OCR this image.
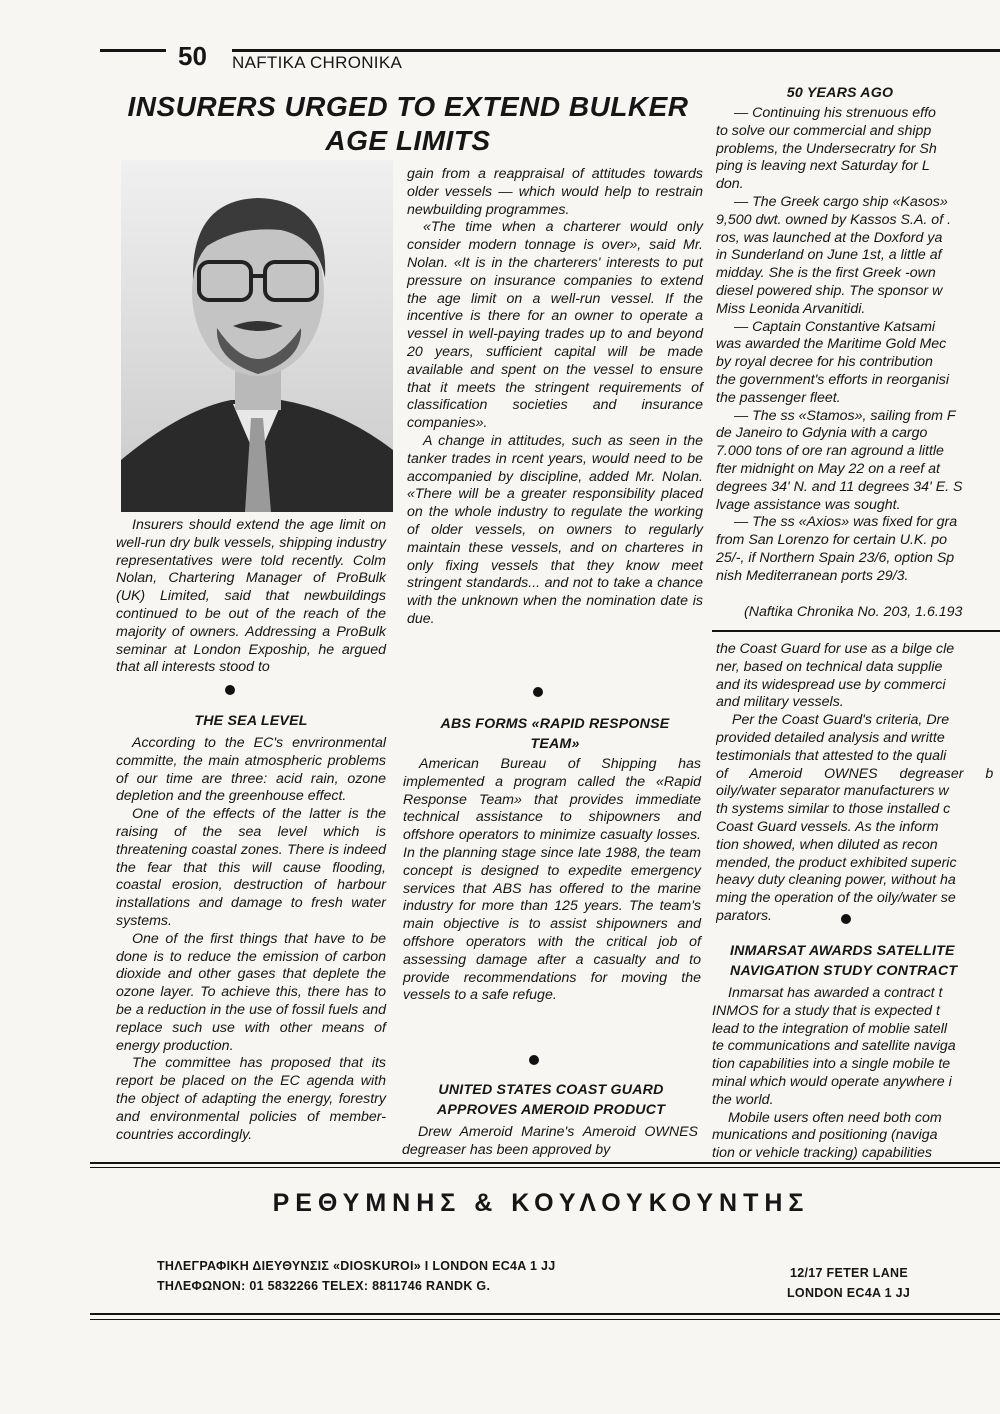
50 NAFTIKA CHRONIKA
INSURERS URGED TO EXTEND BULKER
AGE LIMITS

Insurers should extend the age limit on well-run dry bulk vessels, shipping industry representatives were told recently. Colm Nolan, Chartering Manager of ProBulk (UK) Limited, said that newbuildings continued to be out of the reach of the majority of owners. Addressing a ProBulk seminar at London Expoship, he argued that all interests stood to

THE SEA LEVEL

According to the EC's envrironmental committe, the main atmospheric problems of our time are three: acid rain, ozone depletion and the greenhouse effect.

One of the effects of the latter is the raising of the sea level which is threatening coastal zones. There is indeed the fear that this will cause flooding, coastal erosion, destruction of harbour installations and damage to fresh water systems.

One of the first things that have to be done is to reduce the emission of carbon dioxide and other gases that deplete the ozone layer. To achieve this, there has to be a reduction in the use of fossil fuels and replace such use with other means of energy production.

The committee has proposed that its report be placed on the EC agenda with the object of adapting the energy, forestry and environmental policies of member-countries accordingly.

gain from a reappraisal of attitudes towards older vessels — which would help to restrain newbuilding programmes.

«The time when a charterer would only consider modern tonnage is over», said Mr. Nolan. «It is in the charterers' interests to put pressure on insurance companies to extend the age limit on a well-run vessel. If the incentive is there for an owner to operate a vessel in well-paying trades up to and beyond 20 years, sufficient capital will be made available and spent on the vessel to ensure that it meets the stringent requirements of classification societies and insurance companies».

A change in attitudes, such as seen in the tanker trades in rcent years, would need to be accompanied by discipline, added Mr. Nolan. «There will be a greater responsibility placed on the whole industry to regulate the working of older vessels, on owners to regularly maintain these vessels, and on charteres in only fixing vessels that they know meet stringent standards... and not to take a chance with the unknown when the nomination date is due.

ABS FORMS «RAPID RESPONSE
TEAM»

American Bureau of Shipping has implemented a program called the «Rapid Response Team» that provides immediate technical assistance to shipowners and offshore operators to minimize casualty losses. In the planning stage since late 1988, the team concept is designed to expedite emergency services that ABS has offered to the marine industry for more than 125 years. The team's main objective is to assist shipowners and offshore operators with the critical job of assessing damage after a casualty and to provide recommendations for moving the vessels to a safe refuge.

UNITED STATES COAST GUARD
APPROVES AMEROID PRODUCT

Drew Ameroid Marine's Ameroid OWNES degreaser has been approved by

50 YEARS AGO
— Continuing his strenuous effo
to solve our commercial and shipp
problems, the Undersecratry for Sh
ping is leaving next Saturday for L
don.
— The Greek cargo ship «Kasos»
9,500 dwt. owned by Kassos S.A. of .
ros, was launched at the Doxford ya
in Sunderland on June 1st, a little af
midday. She is the first Greek -own
diesel powered ship. The sponsor w
Miss Leonida Arvanitidi.
— Captain Constantive Katsami
was awarded the Maritime Gold Mec
by royal decree for his contribution
the government's efforts in reorganisi
the passenger fleet.
— The ss «Stamos», sailing from F
de Janeiro to Gdynia with a cargo
7.000 tons of ore ran aground a little
fter midnight on May 22 on a reef at
degrees 34' N. and 11 degrees 34' E. S
lvage assistance was sought.
— The ss «Axios» was fixed for gra
from San Lorenzo for certain U.K. po
25/-, if Northern Spain 23/6, option Sp
nish Mediterranean ports 29/3.
(Naftika Chronika No. 203, 1.6.193
the Coast Guard for use as a bilge cle
ner, based on technical data supplie
and its widespread use by commerci
and military vessels.
Per the Coast Guard's criteria, Dre
provided detailed analysis and writte
testimonials that attested to the quali
of Ameroid OWNES degreaser b
oily/water separator manufacturers w
th systems similar to those installed c
Coast Guard vessels. As the inform
tion showed, when diluted as recon
mended, the product exhibited superic
heavy duty cleaning power, without ha
ming the operation of the oily/water se
parators.
INMARSAT AWARDS SATELLITE
NAVIGATION STUDY CONTRACT
Inmarsat has awarded a contract t
INMOS for a study that is expected t
lead to the integration of moblie satell
te communications and satellite naviga
tion capabilities into a single mobile te
minal which would operate anywhere i
the world.
Mobile users often need both com
munications and positioning (naviga
tion or vehicle tracking) capabilities
ΡΕΘΥΜΝΗΣ & ΚΟΥΛΟΥΚΟΥΝΤΗΣ
ΤΗΛΕΓΡΑΦΙΚΗ ΔΙΕΥΘΥΝΣΙΣ «DIOSKUROI» I LONDON EC4A 1 JJ
ΤΗΛΕΦΩΝΟΝ: 01 5832266 TELEX: 8811746 RANDK G.
12/17 FETER LANE
LONDON EC4A 1 JJ
